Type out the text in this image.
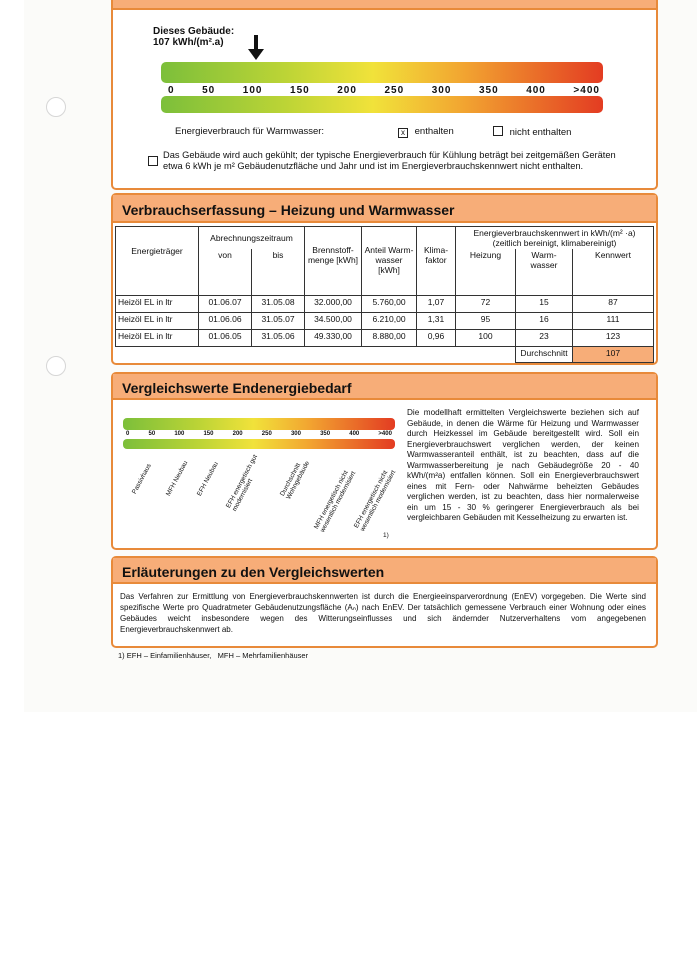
Dieses Gebäude:
107 kWh/(m².a)
0	50	100	150	200	250	300	350	400	>400
Energieverbrauch für Warmwasser:	x enthalten	nicht enthalten
Das Gebäude wird auch gekühlt; der typische Energieverbrauch für Kühlung beträgt bei zeitgemäßen Geräten etwa 6 kWh je m² Gebäudenutzfläche und Jahr und ist im Energieverbrauchskennwert nicht enthalten.
Verbrauchserfassung – Heizung und Warmwasser
Energieträger	Abrechnungszeitraum		Brennstoff-menge [kWh]	Anteil Warm-wasser [kWh]	Klima-faktor	Energieverbrauchskennwert in kWh/(m² ·a) (zeitlich bereinigt, klimabereinigt)		
	von	bis				Heizung	Warm-wasser	Kennwert
Heizöl EL in ltr	01.06.07	31.05.08	32.000,00	5.760,00	1,07	72	15	87
Heizöl EL in ltr	01.06.06	31.05.07	34.500,00	6.210,00	1,31	95	16	111
Heizöl EL in ltr	01.06.05	31.05.06	49.330,00	8.880,00	0,96	100	23	123
							Durchschnitt	107
Vergleichswerte Endenergiebedarf
0	50	100	150	200	250	300	350	400	>400
Passivhaus MFH Neubau EFH Neubau EFH energetisch gut modernisiert	Durchschnitt Wohngebäude MFH energetisch nicht wesentlich modernisiert
EFH energetisch nicht wesentlich modernisiert
1)
Die modellhaft ermittelten Vergleichswerte beziehen sich auf Gebäude, in denen die Wärme für Heizung und Warmwasser durch Heizkessel im Gebäude bereitgestellt wird. Soll ein Energieverbrauchswert verglichen werden, der keinen Warmwasseranteil enthält, ist zu beachten, dass auf die Warmwasserbereitung je nach Gebäudegröße 20 - 40 kWh/(m²a) entfallen können. Soll ein Energieverbrauchswert eines mit Fern- oder Nahwärme beheizten Gebäudes verglichen werden, ist zu beachten, dass hier normalerweise ein um 15 - 30 % geringerer Energieverbrauch als bei vergleichbaren Gebäuden mit Kesselheizung zu erwarten ist.
Erläuterungen zu den Vergleichswerten
Das Verfahren zur Ermittlung von Energieverbrauchskennwerten ist durch die Energieeinsparverordnung (EnEV) vorgegeben. Die Werte sind spezifische Werte pro Quadratmeter Gebäudenutzungsfläche (Aₙ) nach EnEV. Der tatsächlich gemessene Verbrauch einer Wohnung oder eines Gebäudes weicht insbesondere wegen des Witterungseinflusses und sich ändernder Nutzerverhaltens vom angegebenen Energieverbrauchskennwert ab.
1) EFH – Einfamilienhäuser,   MFH – Mehrfamilienhäuser
